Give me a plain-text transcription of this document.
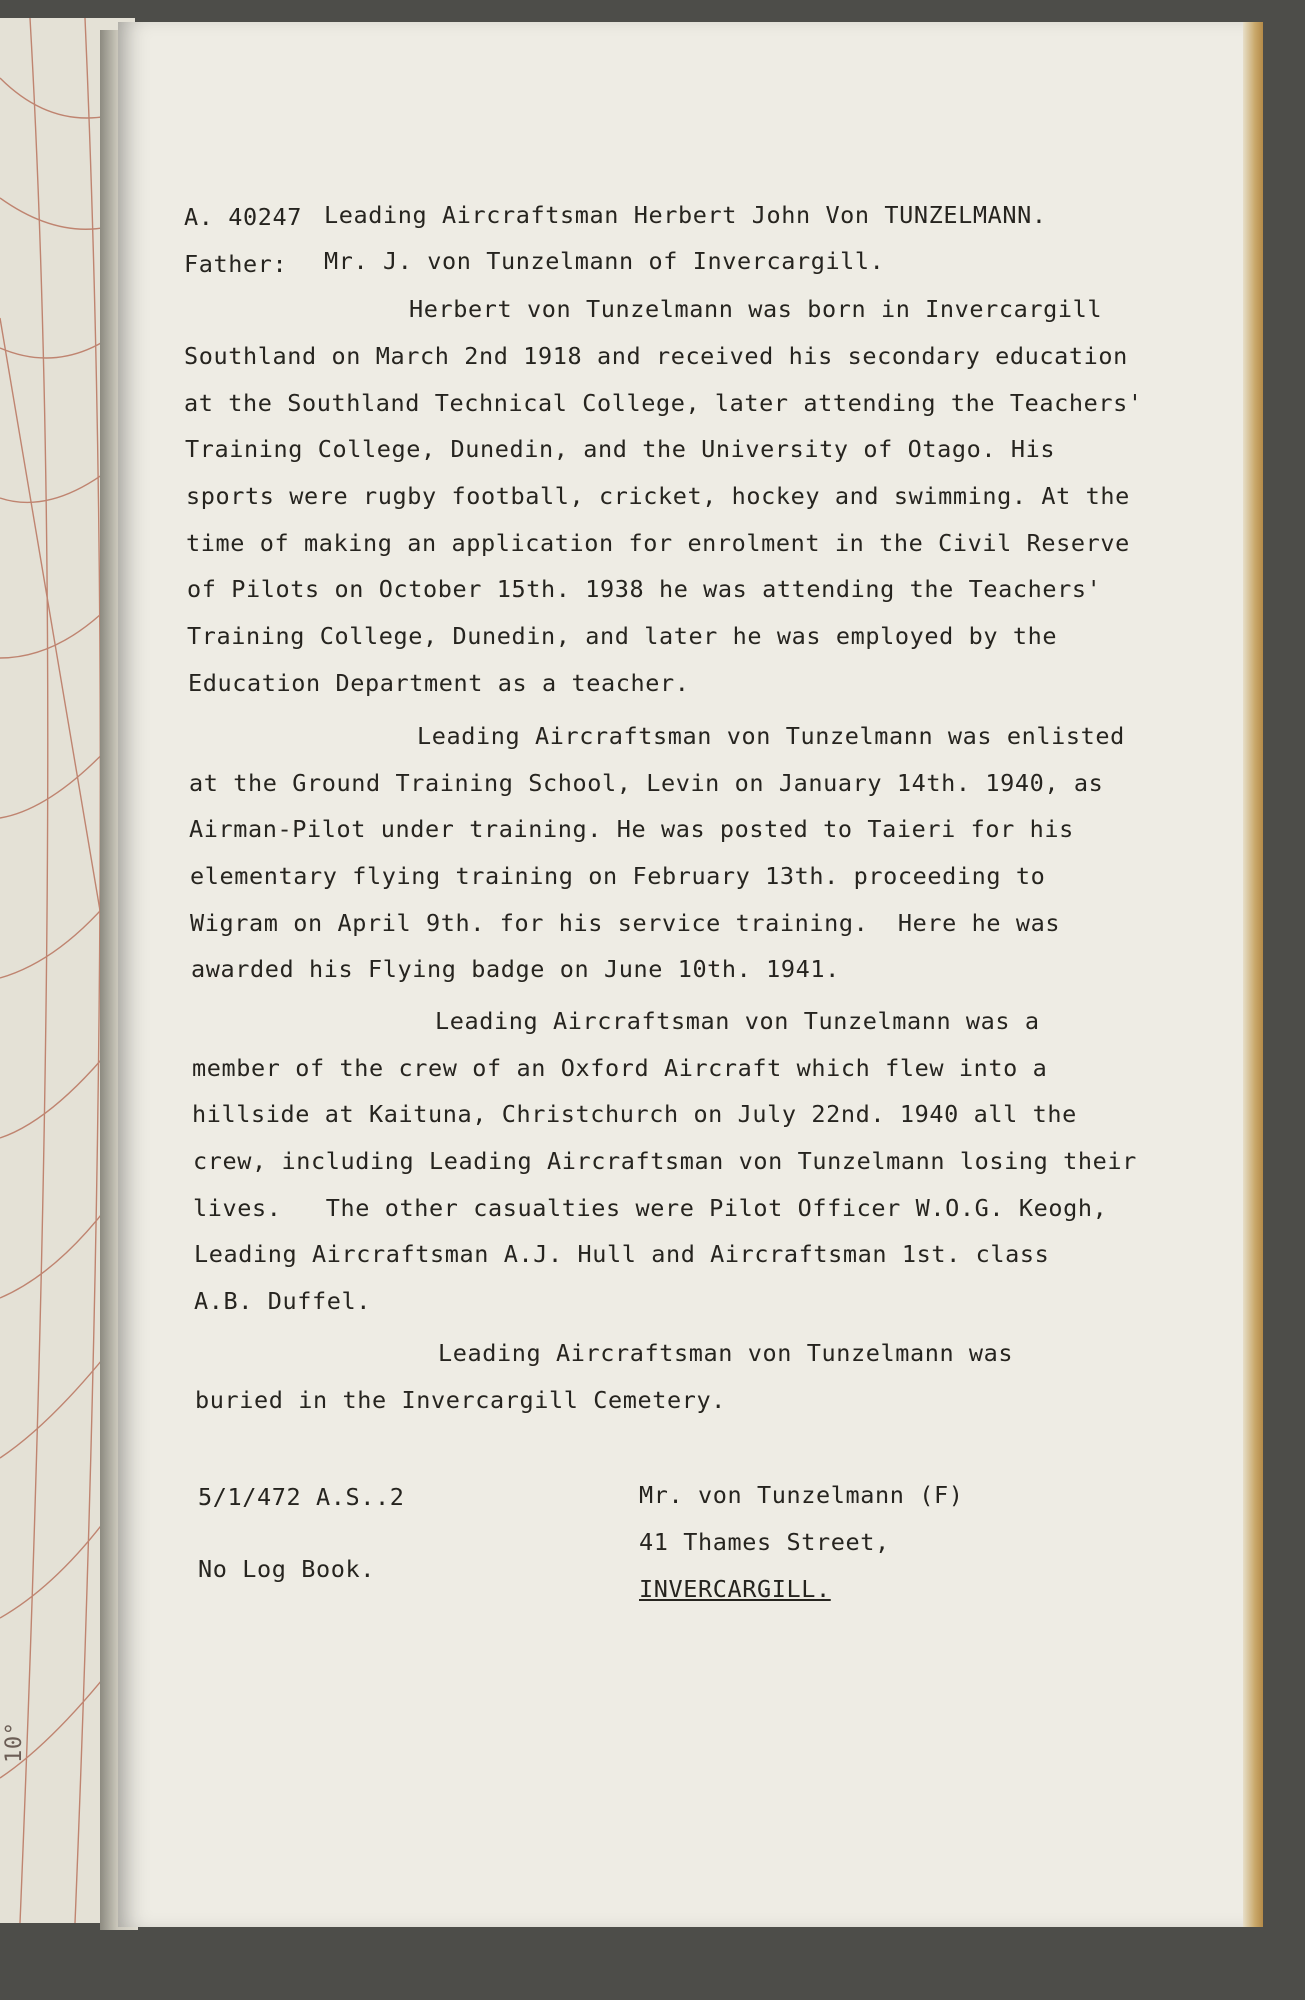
10°
A. 40247 Leading Aircraftsman Herbert John Von TUNZELMANN.
Father: Mr. J. von Tunzelmann of Invercargill.
Herbert von Tunzelmann was born in Invercargill
Southland on March 2nd 1918 and received his secondary education
at the Southland Technical College, later attending the Teachers'
Training College, Dunedin, and the University of Otago. His
sports were rugby football, cricket, hockey and swimming. At the
time of making an application for enrolment in the Civil Reserve
of Pilots on October 15th. 1938 he was attending the Teachers'
Training College, Dunedin, and later he was employed by the
Education Department as a teacher.
Leading Aircraftsman von Tunzelmann was enlisted
at the Ground Training School, Levin on January 14th. 1940, as
Airman-Pilot under training. He was posted to Taieri for his
elementary flying training on February 13th. proceeding to
Wigram on April 9th. for his service training.  Here he was
awarded his Flying badge on June 10th. 1941.
Leading Aircraftsman von Tunzelmann was a
member of the crew of an Oxford Aircraft which flew into a
hillside at Kaituna, Christchurch on July 22nd. 1940 all the
crew, including Leading Aircraftsman von Tunzelmann losing their
lives.   The other casualties were Pilot Officer W.O.G. Keogh,
Leading Aircraftsman A.J. Hull and Aircraftsman 1st. class
A.B. Duffel.
Leading Aircraftsman von Tunzelmann was
buried in the Invercargill Cemetery.
5/1/472 A.S..2
No Log Book.
Mr. von Tunzelmann (F)
41 Thames Street,
INVERCARGILL.
